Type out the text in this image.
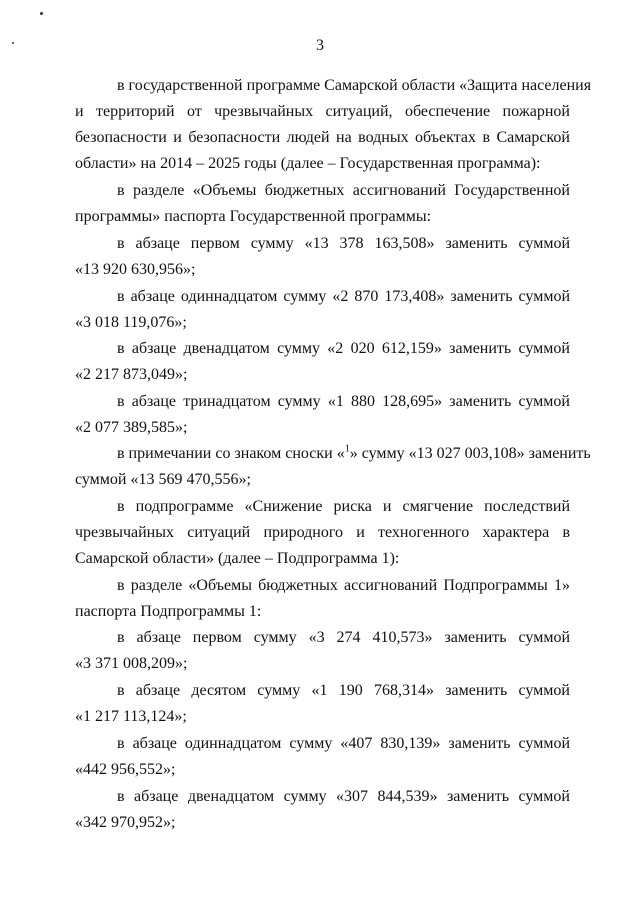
3
в государственной программе Самарской области «Защита населения
и территорий от чрезвычайных ситуаций, обеспечение пожарной
безопасности и безопасности людей на водных объектах в Самарской
области» на 2014 – 2025 годы (далее – Государственная программа):
в разделе «Объемы бюджетных ассигнований Государственной
программы» паспорта Государственной программы:
в абзаце первом сумму «13 378 163,508» заменить суммой
«13 920 630,956»;
в абзаце одиннадцатом сумму «2 870 173,408» заменить суммой
«3 018 119,076»;
в абзаце двенадцатом сумму «2 020 612,159» заменить суммой
«2 217 873,049»;
в абзаце тринадцатом сумму «1 880 128,695» заменить суммой
«2 077 389,585»;
в примечании со знаком сноски «$^1$» сумму «13 027 003,108» заменить
суммой «13 569 470,556»;
в подпрограмме «Снижение риска и смягчение последствий
чрезвычайных ситуаций природного и техногенного характера в
Самарской области» (далее – Подпрограмма 1):
в разделе «Объемы бюджетных ассигнований Подпрограммы 1»
паспорта Подпрограммы 1:
в абзаце первом сумму «3 274 410,573» заменить суммой
«3 371 008,209»;
в абзаце десятом сумму «1 190 768,314» заменить суммой
«1 217 113,124»;
в абзаце одиннадцатом сумму «407 830,139» заменить суммой
«442 956,552»;
в абзаце двенадцатом сумму «307 844,539» заменить суммой
«342 970,952»;
